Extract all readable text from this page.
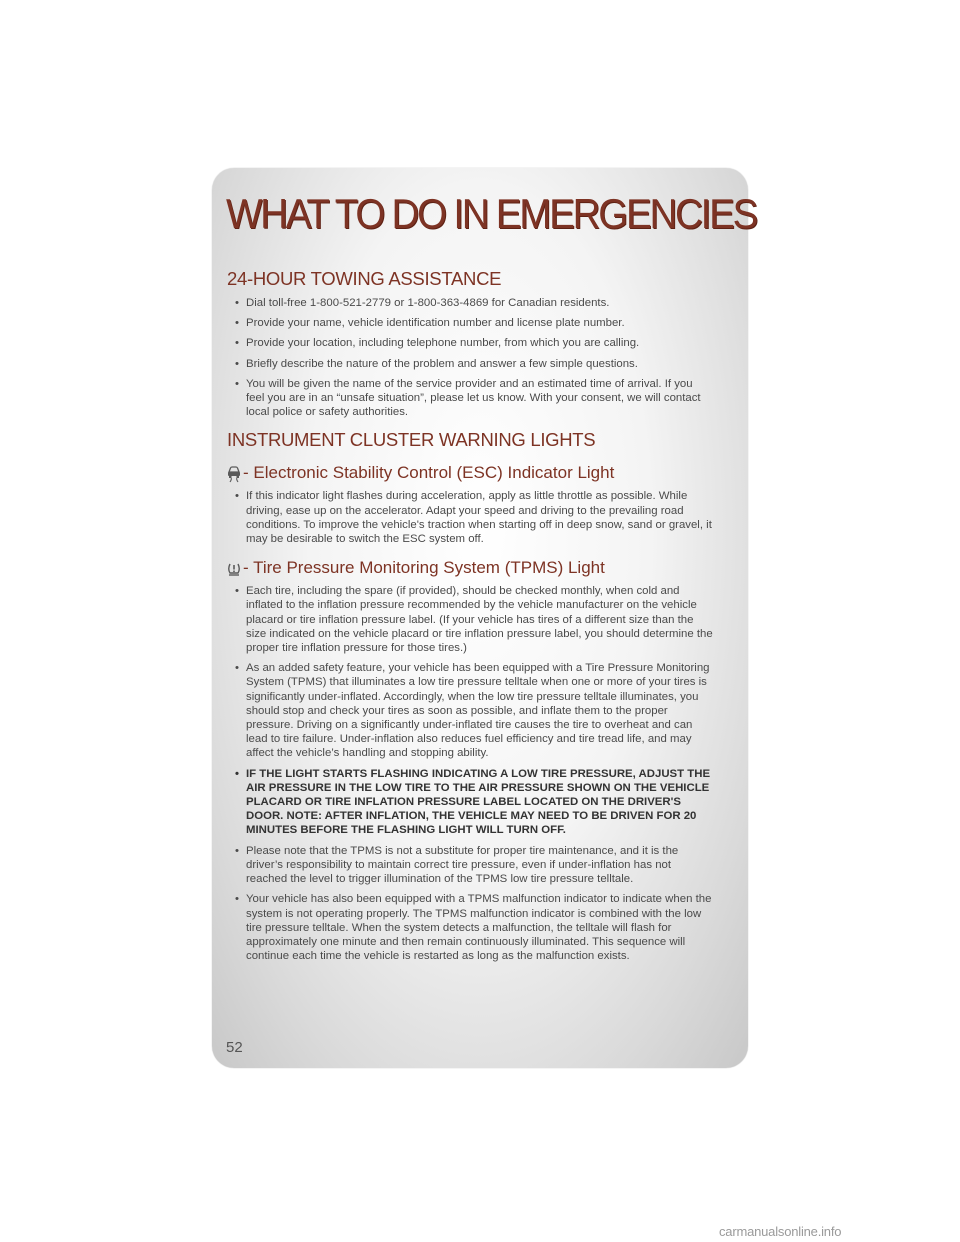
WHAT TO DO IN EMERGENCIES
24-HOUR TOWING ASSISTANCE
• Dial toll-free 1-800-521-2779 or 1-800-363-4869 for Canadian residents.
• Provide your name, vehicle identification number and license plate number.
• Provide your location, including telephone number, from which you are calling.
• Briefly describe the nature of the problem and answer a few simple questions.
• You will be given the name of the service provider and an estimated time of arrival. If you feel you are in an “unsafe situation”, please let us know. With your consent, we will contact local police or safety authorities.
INSTRUMENT CLUSTER WARNING LIGHTS
- Electronic Stability Control (ESC) Indicator Light
• If this indicator light flashes during acceleration, apply as little throttle as possible. While driving, ease up on the accelerator. Adapt your speed and driving to the prevailing road conditions. To improve the vehicle's traction when starting off in deep snow, sand or gravel, it may be desirable to switch the ESC system off.
- Tire Pressure Monitoring System (TPMS) Light
• Each tire, including the spare (if provided), should be checked monthly, when cold and inflated to the inflation pressure recommended by the vehicle manufacturer on the vehicle placard or tire inflation pressure label. (If your vehicle has tires of a different size than the size indicated on the vehicle placard or tire inflation pressure label, you should determine the proper tire inflation pressure for those tires.)
• As an added safety feature, your vehicle has been equipped with a Tire Pressure Monitoring System (TPMS) that illuminates a low tire pressure telltale when one or more of your tires is significantly under-inflated. Accordingly, when the low tire pressure telltale illuminates, you should stop and check your tires as soon as possible, and inflate them to the proper pressure. Driving on a significantly under-inflated tire causes the tire to overheat and can lead to tire failure. Under-inflation also reduces fuel efficiency and tire tread life, and may affect the vehicle’s handling and stopping ability.
• IF THE LIGHT STARTS FLASHING INDICATING A LOW TIRE PRESSURE, ADJUST THE AIR PRESSURE IN THE LOW TIRE TO THE AIR PRESSURE SHOWN ON THE VEHICLE PLACARD OR TIRE INFLATION PRESSURE LABEL LOCATED ON THE DRIVER'S DOOR. NOTE: AFTER INFLATION, THE VEHICLE MAY NEED TO BE DRIVEN FOR 20 MINUTES BEFORE THE FLASHING LIGHT WILL TURN OFF.
• Please note that the TPMS is not a substitute for proper tire maintenance, and it is the driver’s responsibility to maintain correct tire pressure, even if under-inflation has not reached the level to trigger illumination of the TPMS low tire pressure telltale.
• Your vehicle has also been equipped with a TPMS malfunction indicator to indicate when the system is not operating properly. The TPMS malfunction indicator is combined with the low tire pressure telltale. When the system detects a malfunction, the telltale will flash for approximately one minute and then remain continuously illuminated. This sequence will continue each time the vehicle is restarted as long as the malfunction exists.
52
carmanualsonline.info
